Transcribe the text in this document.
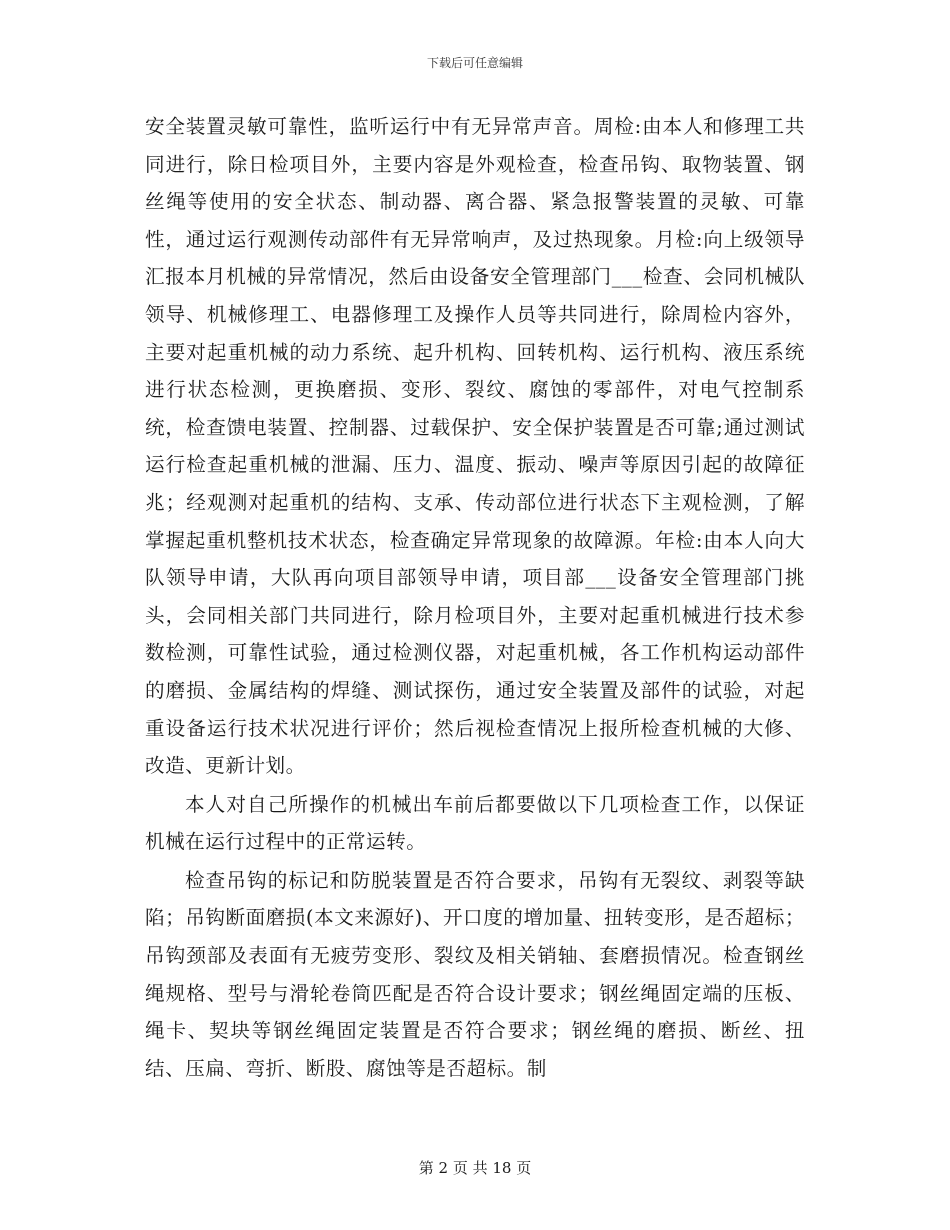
下载后可任意编辑

安全装置灵敏可靠性，监听运行中有无异常声音。周检:由本人和修理工共同进行，除日检项目外，主要内容是外观检查，检查吊钩、取物装置、钢丝绳等使用的安全状态、制动器、离合器、紧急报警装置的灵敏、可靠性，通过运行观测传动部件有无异常响声，及过热现象。月检:向上级领导汇报本月机械的异常情况，然后由设备安全管理部门___检查、会同机械队领导、机械修理工、电器修理工及操作人员等共同进行，除周检内容外，主要对起重机械的动力系统、起升机构、回转机构、运行机构、液压系统进行状态检测，更换磨损、变形、裂纹、腐蚀的零部件，对电气控制系统，检查馈电装置、控制器、过载保护、安全保护装置是否可靠;通过测试运行检查起重机械的泄漏、压力、温度、振动、噪声等原因引起的故障征兆；经观测对起重机的结构、支承、传动部位进行状态下主观检测，了解掌握起重机整机技术状态，检查确定异常现象的故障源。年检:由本人向大队领导申请，大队再向项目部领导申请，项目部___设备安全管理部门挑头，会同相关部门共同进行，除月检项目外，主要对起重机械进行技术参数检测，可靠性试验，通过检测仪器，对起重机械，各工作机构运动部件的磨损、金属结构的焊缝、测试探伤，通过安全装置及部件的试验，对起重设备运行技术状况进行评价；然后视检查情况上报所检查机械的大修、改造、更新计划。

本人对自己所操作的机械出车前后都要做以下几项检查工作，以保证机械在运行过程中的正常运转。

检查吊钩的标记和防脱装置是否符合要求，吊钩有无裂纹、剥裂等缺陷；吊钩断面磨损(本文来源好)、开口度的增加量、扭转变形，是否超标；吊钩颈部及表面有无疲劳变形、裂纹及相关销轴、套磨损情况。检查钢丝绳规格、型号与滑轮卷筒匹配是否符合设计要求；钢丝绳固定端的压板、绳卡、契块等钢丝绳固定装置是否符合要求；钢丝绳的磨损、断丝、扭结、压扁、弯折、断股、腐蚀等是否超标。制

第 2 页 共 18 页
